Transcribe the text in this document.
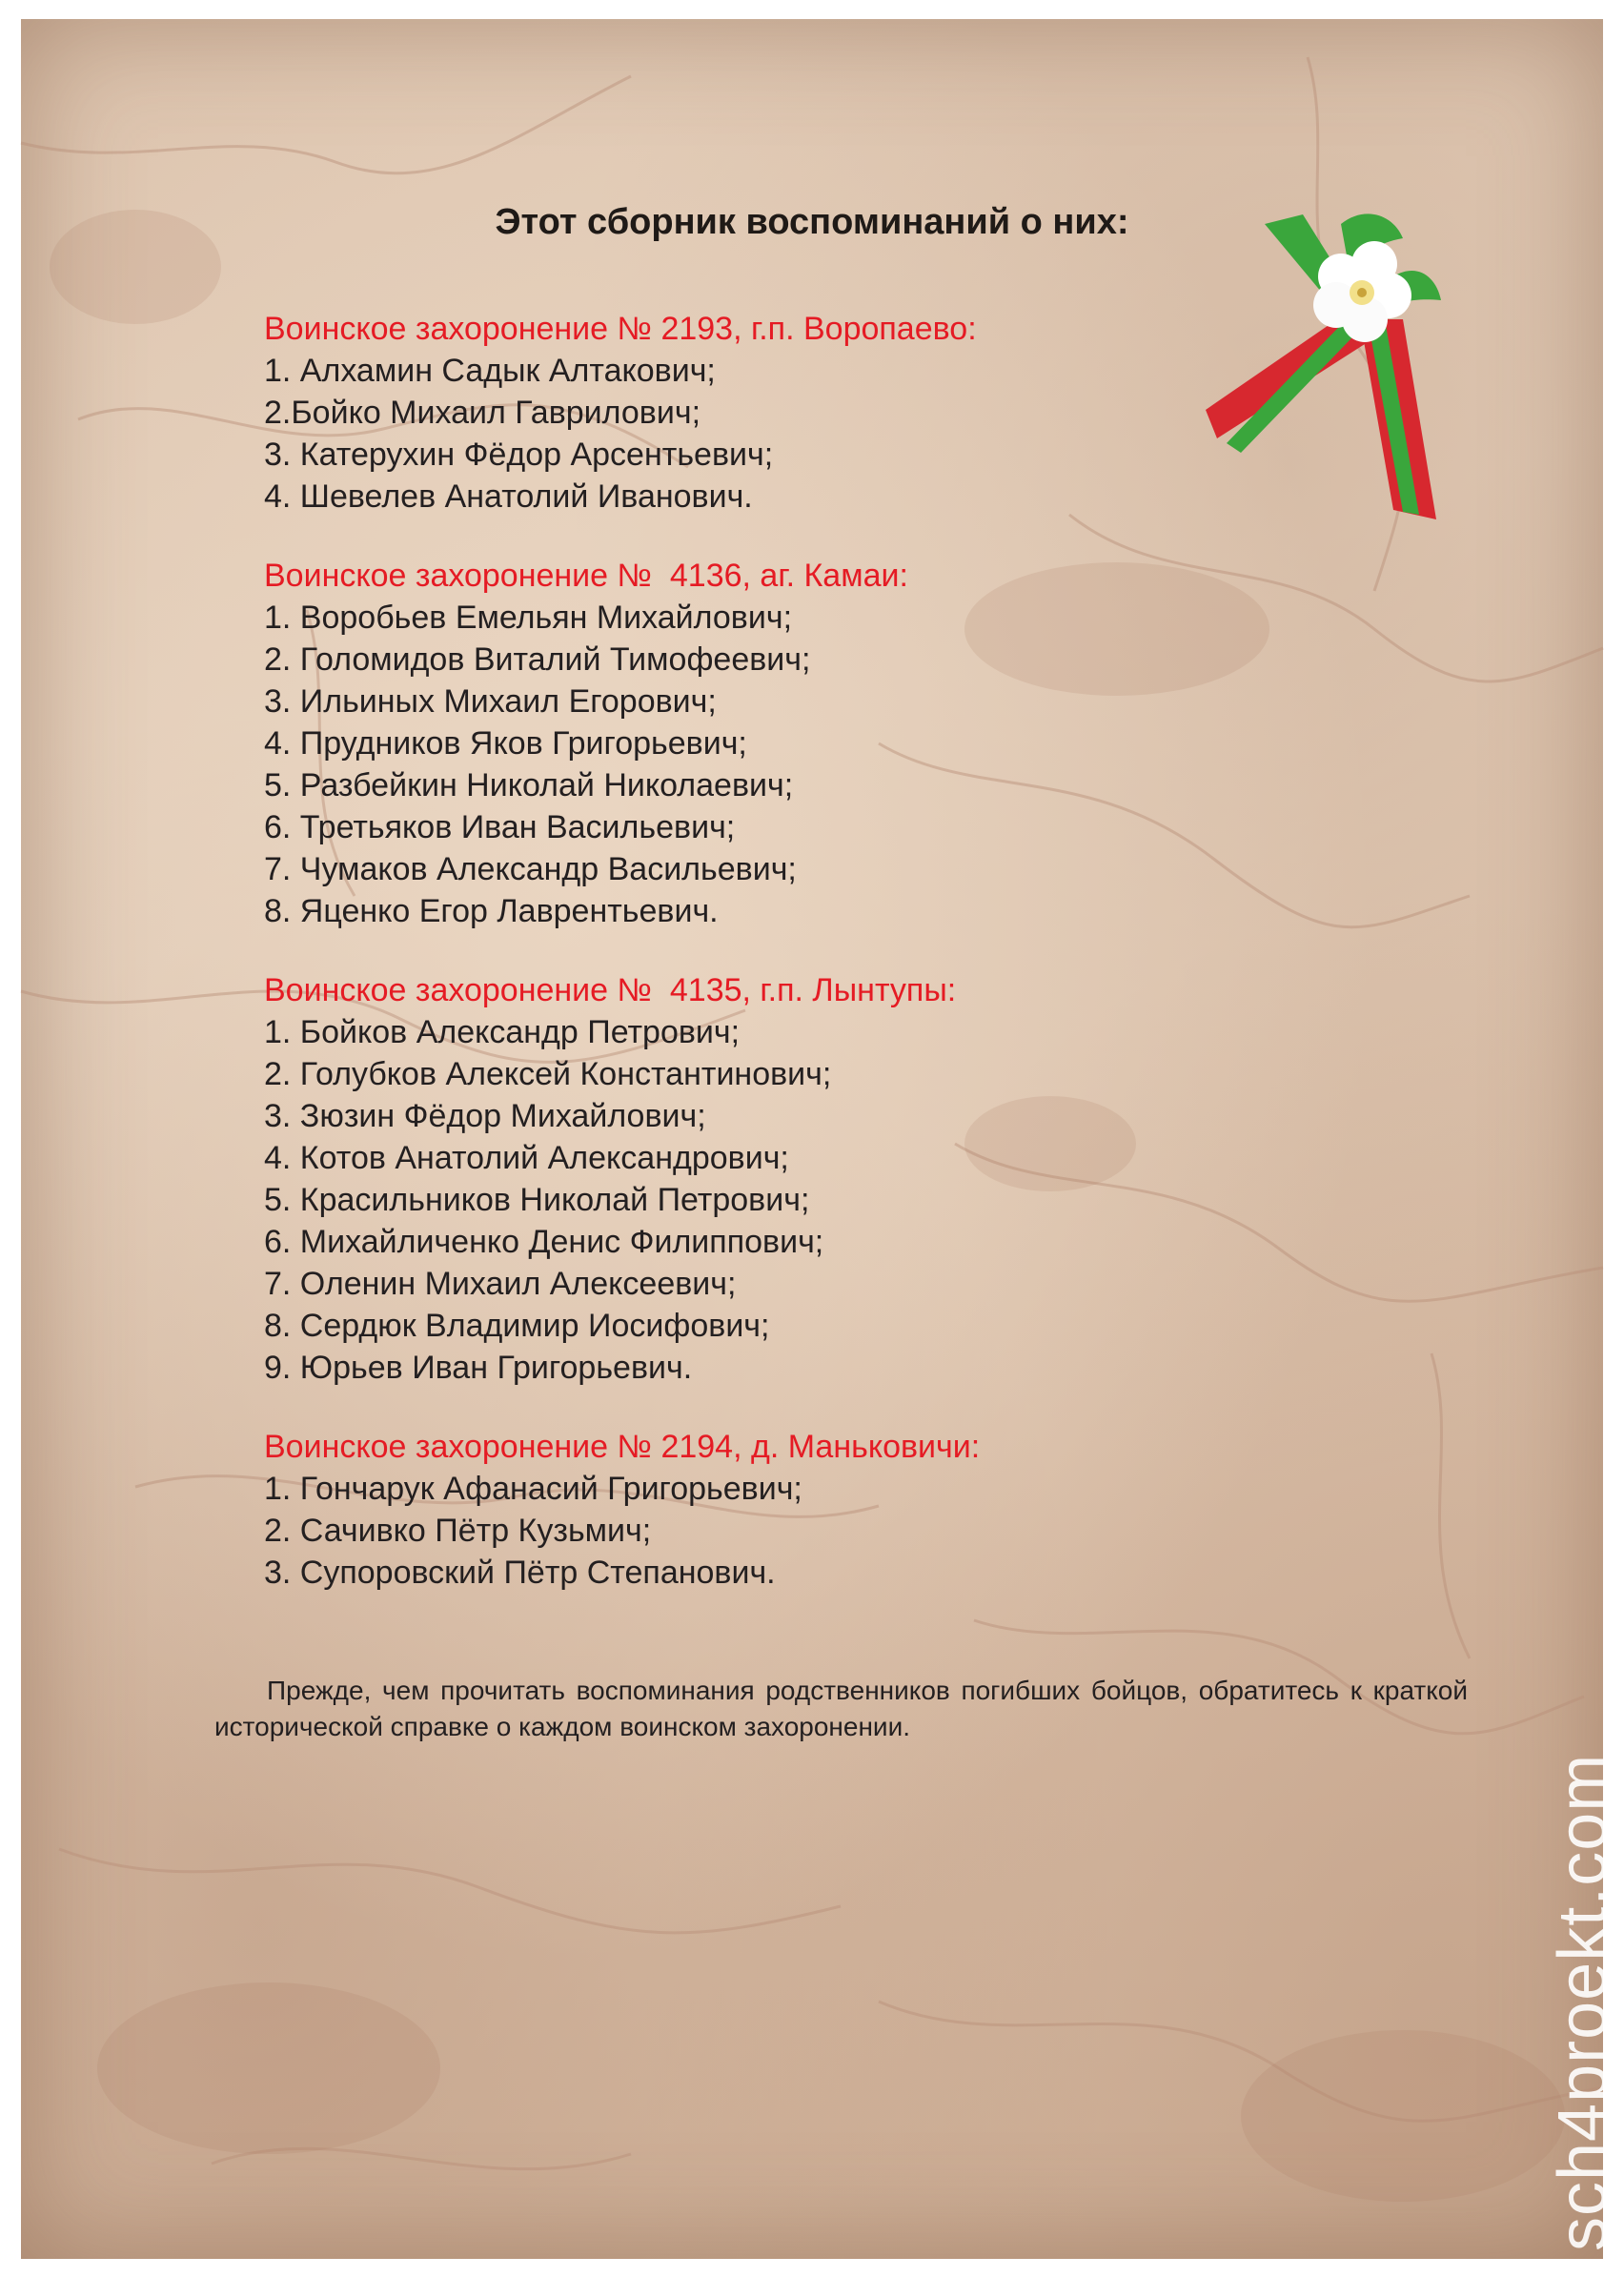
Этот сборник воспоминаний о них:
Воинское захоронение № 2193, г.п. Воропаево:
1. Алхамин Садык Алтакович;
2.Бойко Михаил Гаврилович;
3. Катерухин Фёдор Арсентьевич;
4. Шевелев Анатолий Иванович.
Воинское захоронение №  4136, аг. Камаи:
1. Воробьев Емельян Михайлович;
2. Голомидов Виталий Тимофеевич;
3. Ильиных Михаил Егорович;
4. Прудников Яков Григорьевич;
5. Разбейкин Николай Николаевич;
6. Третьяков Иван Васильевич;
7. Чумаков Александр Васильевич;
8. Яценко Егор Лаврентьевич.
Воинское захоронение №  4135, г.п. Лынтупы:
1. Бойков Александр Петрович;
2. Голубков Алексей Константинович;
3. Зюзин Фёдор Михайлович;
4. Котов Анатолий Александрович;
5. Красильников Николай Петрович;
6. Михайличенко Денис Филиппович;
7. Оленин Михаил Алексеевич;
8. Сердюк Владимир Иосифович;
9. Юрьев Иван Григорьевич.
Воинское захоронение № 2194, д. Маньковичи:
1. Гончарук Афанасий Григорьевич;
2. Сачивко Пётр Кузьмич;
3. Супоровский Пётр Степанович.

Прежде, чем прочитать воспоминания родственников погибших бойцов, обратитесь к краткой исторической справке о каждом воинском захоронении.

sch4proekt.com
